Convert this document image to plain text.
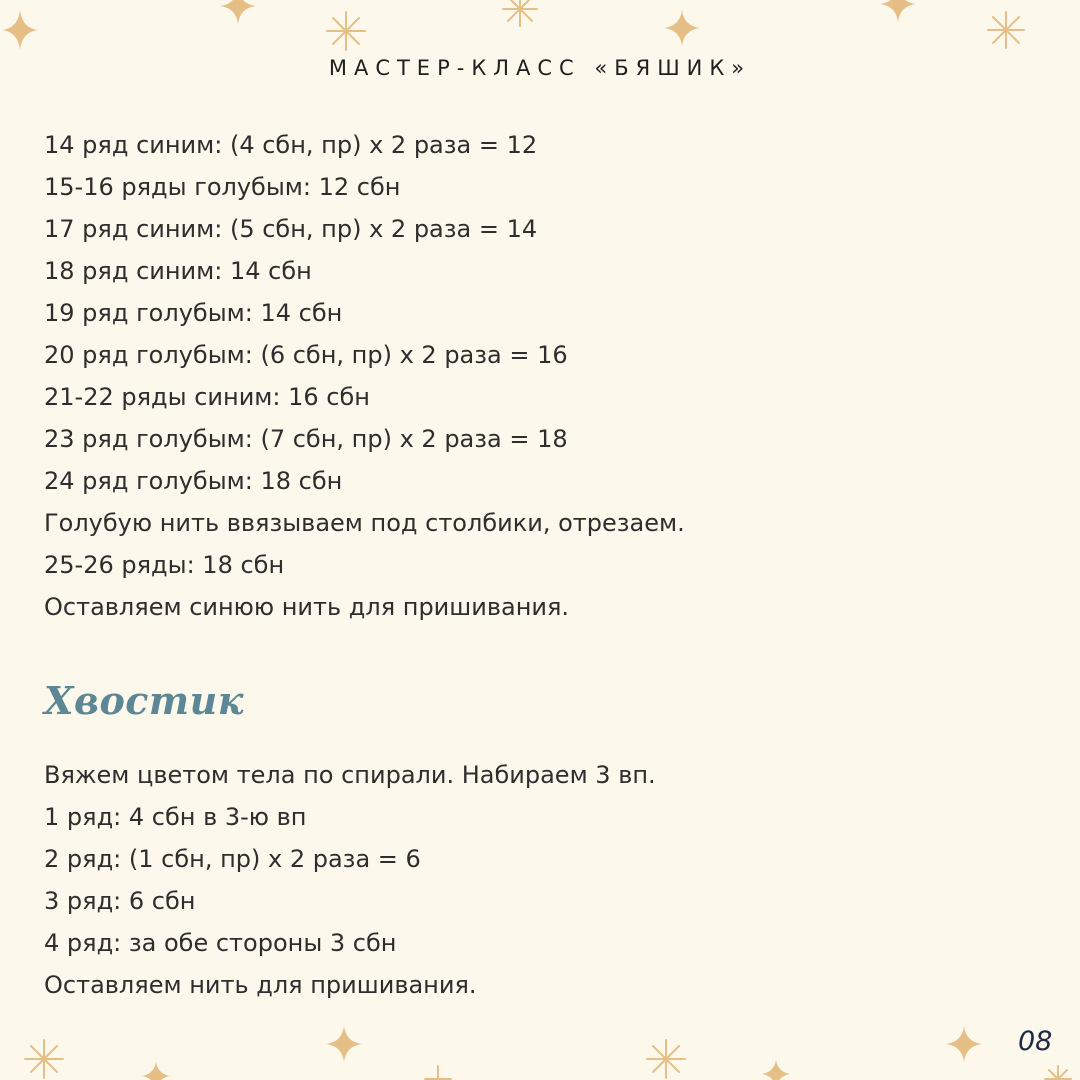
МАСТЕР-КЛАСС «БЯШИК»
14 ряд синим: (4 сбн, пр) х 2 раза = 12
15-16 ряды голубым: 12 сбн
17 ряд синим: (5 сбн, пр) х 2 раза = 14
18 ряд синим: 14 сбн
19 ряд голубым: 14 сбн
20 ряд голубым: (6 сбн, пр) х 2 раза = 16
21-22 ряды синим: 16 сбн
23 ряд голубым: (7 сбн, пр) х 2 раза = 18
24 ряд голубым: 18 сбн
Голубую нить ввязываем под столбики, отрезаем.
25-26 ряды: 18 сбн
Оставляем синюю нить для пришивания.
Хвостик
Вяжем цветом тела по спирали. Набираем 3 вп.
1 ряд: 4 сбн в 3-ю вп
2 ряд: (1 сбн, пр) х 2 раза = 6
3 ряд: 6 сбн
4 ряд: за обе стороны 3 сбн
Оставляем нить для пришивания.
08
